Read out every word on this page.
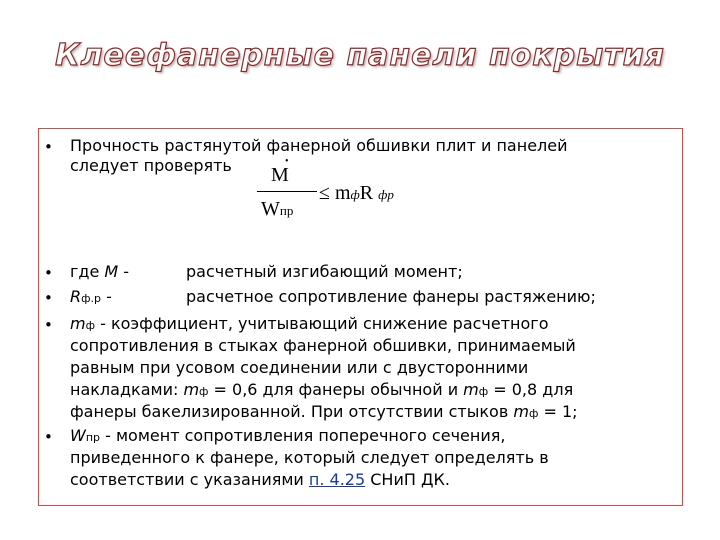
Клеефанерные панели покрытия
• Прочность растянутой фанерной обшивки плит и панелей
следует проверять	•
M
Wпр
≤ mфR фр
• где M -	расчетный изгибающий момент;
• Rф.р -	расчетное сопротивление фанеры растяжению;
• mф - коэффициент, учитывающий снижение расчетного
сопротивления в стыках фанерной обшивки, принимаемый
равным при усовом соединении или с двусторонними
накладками: mф = 0,6 для фанеры обычной и mф = 0,8 для
фанеры бакелизированной. При отсутствии стыков mф = 1;
• Wпр - момент сопротивления поперечного сечения,
приведенного к фанере, который следует определять в
соответствии с указаниями п. 4.25 СНиП ДК.
